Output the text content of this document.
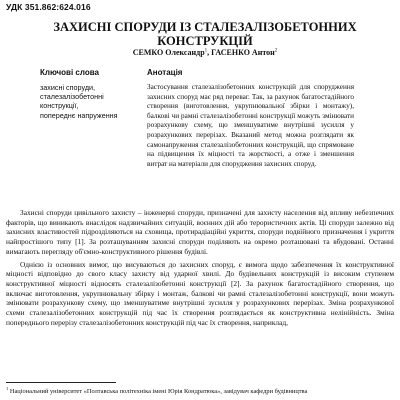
УДК 351.862:624.016
ЗАХИСНІ СПОРУДИ ІЗ СТАЛЕЗАЛІЗОБЕТОННИХ
КОНСТРУКЦІЙ
СЕМКО Олександр$^1$, ГАСЕНКО Антон$^2$
Ключові слова
захисні споруди,
сталезалізобетонні
конструкції,
попереднє напруження
Анотація
Застосування сталезалізобетонних конструкцій для спорудження захисних споруд має ряд переваг. Так, за рахунок багатостадійного створення (виготовлення, укрупнювальної збірки і монтажу), балкові чи рамні сталезалізобетонні конструкції можуть змінювати розрахункову схему, що зменшуватиме внутрішні зусилля у розрахункових перерізах. Вказаний метод можна розглядати як самонапруження сталезалізобетонних конструкцій, що спрямоване на підвищення їх міцності та жорсткості, а отже і зменшення витрат на матеріали для спорудження захисних споруд.

Захисні споруди цивільного захисту – інженерні споруди, призначені для захисту населення від впливу небезпечних факторів, що виникають внаслідок надзвичайних ситуацій, воєнних дій або терористичних актів. Ці споруди залежно від захисних властивостей підрозділяються на сховища, протирадіаційні укриття, споруди подвійного призначення і укриття найпростішого типу [1]. За розташуванням захисні споруди поділяють на окремо розташовані та вбудовані. Останні вимагають перегляду об'ємно-конструктивного рішення будівлі.

Однією із основних вимог, що висуваються до захисних споруд, є вимога щодо забезпечення їх конструктивної міцності відповідно до свого класу захисту від ударної хвилі. До будівельних конструкцій із високим ступенем конструктивної міцності відносять сталезалізобетонні конструкції [2]. За рахунок багатостадійного створення, що включає виготовлення, укрупнювальну збірку і монтаж, балкові чи рамні сталезалізобетонні конструкції, вони можуть змінювати розрахункову схему, що зменшуватиме внутрішні зусилля у розрахункових перерізах. Зміна розрахункової схеми сталезалізобетонних конструкцій під час їх створення розглядається як конструктивна нелінійність. Зміна попереднього перерізу сталезалізобетонних конструкцій під час їх створення, наприклад,

$^1$ Національний університет «Полтавська політехніка імені Юрія Кондратюка», завідувач кафедри будівництва
